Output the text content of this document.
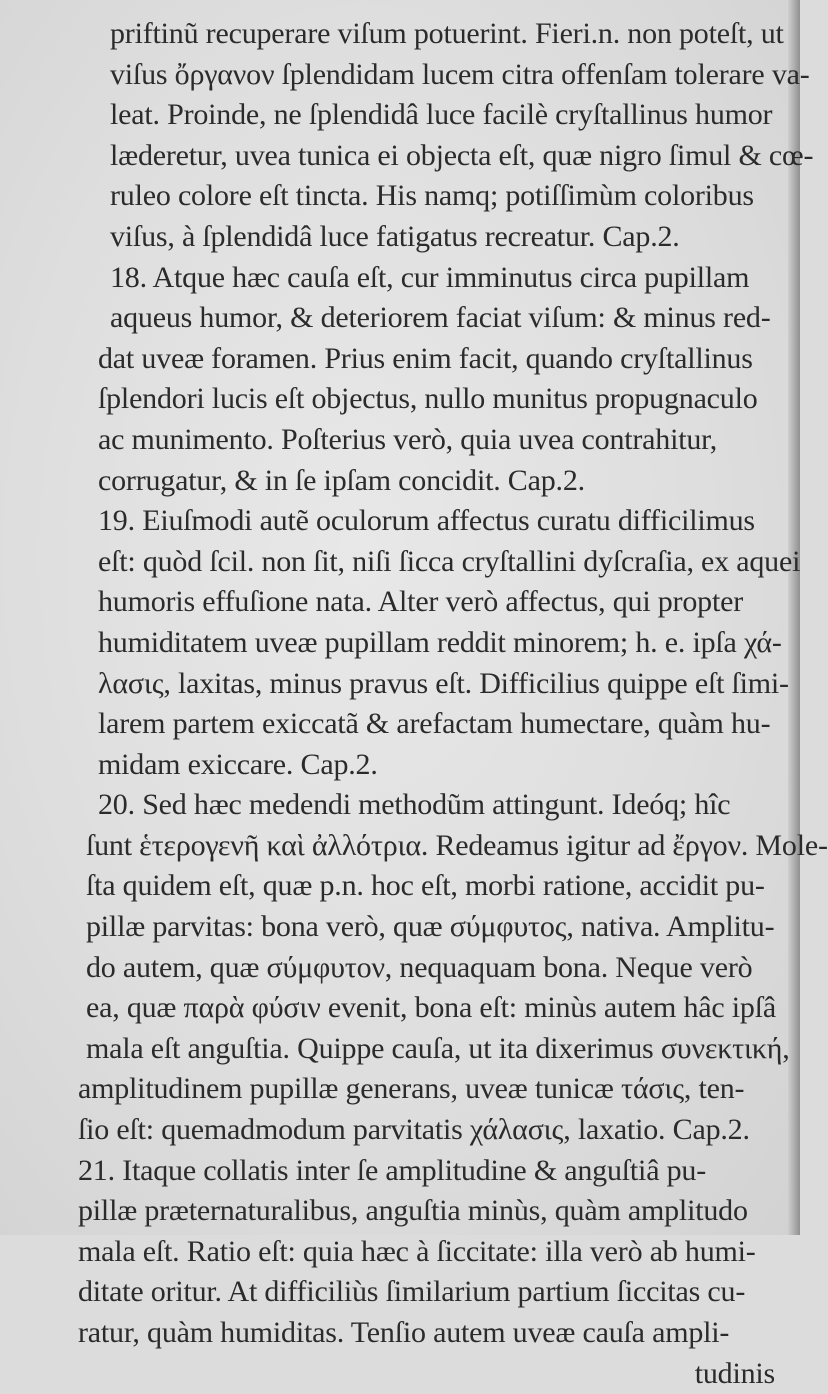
priftinũ recuperare viſum potuerint. Fieri.n. non poteſt, ut
viſus ὄργανον ſplendidam lucem citra offenſam tolerare va-
leat. Proinde, ne ſplendidâ luce facilè cryſtallinus humor
læderetur, uvea tunica ei objecta eſt, quæ nigro ſimul & cœ-
ruleo colore eſt tincta. His namq; potiſſimùm coloribus
viſus, à ſplendidâ luce fatigatus recreatur. Cap.2.
18. Atque hæc cauſa eſt, cur imminutus circa pupillam
aqueus humor, & deteriorem faciat viſum: & minus red-
dat uveæ foramen. Prius enim facit, quando cryſtallinus
ſplendori lucis eſt objectus, nullo munitus propugnaculo
ac munimento. Poſterius verò, quia uvea contrahitur,
corrugatur, & in ſe ipſam concidit. Cap.2.
19. Eiuſmodi autẽ oculorum affectus curatu difficilimus
eſt: quòd ſcil. non ſit, niſi ſicca cryſtallini dyſcraſia, ex aquei
humoris effuſione nata. Alter verò affectus, qui propter
humiditatem uveæ pupillam reddit minorem; h. e. ipſa χά-
λασις, laxitas, minus pravus eſt. Difficilius quippe eſt ſimi-
larem partem exiccatã & arefactam humectare, quàm hu-
midam exiccare. Cap.2.
20. Sed hæc medendi methodũm attingunt. Ideóq; hîc
ſunt ἑτερογενῆ καὶ ἀλλότρια. Redeamus igitur ad ἔργον. Mole-
ſta quidem eſt, quæ p.n. hoc eſt, morbi ratione, accidit pu-
pillæ parvitas: bona verò, quæ σύμφυτος, nativa. Amplitu-
do autem, quæ σύμφυτον, nequaquam bona. Neque verò
ea, quæ παρὰ φύσιν evenit, bona eſt: minùs autem hâc ipſâ
mala eſt anguſtia. Quippe cauſa, ut ita dixerimus συνεκτική,
amplitudinem pupillæ generans, uveæ tunicæ τάσις, ten-
ſio eſt: quemadmodum parvitatis χάλασις, laxatio. Cap.2.
21. Itaque collatis inter ſe amplitudine & anguſtiâ pu-
pillæ præternaturalibus, anguſtia minùs, quàm amplitudo
mala eſt. Ratio eſt: quia hæc à ſiccitate: illa verò ab humi-
ditate oritur. At difficiliùs ſimilarium partium ſiccitas cu-
ratur, quàm humiditas. Tenſio autem uveæ cauſa ampli-
tudinis
